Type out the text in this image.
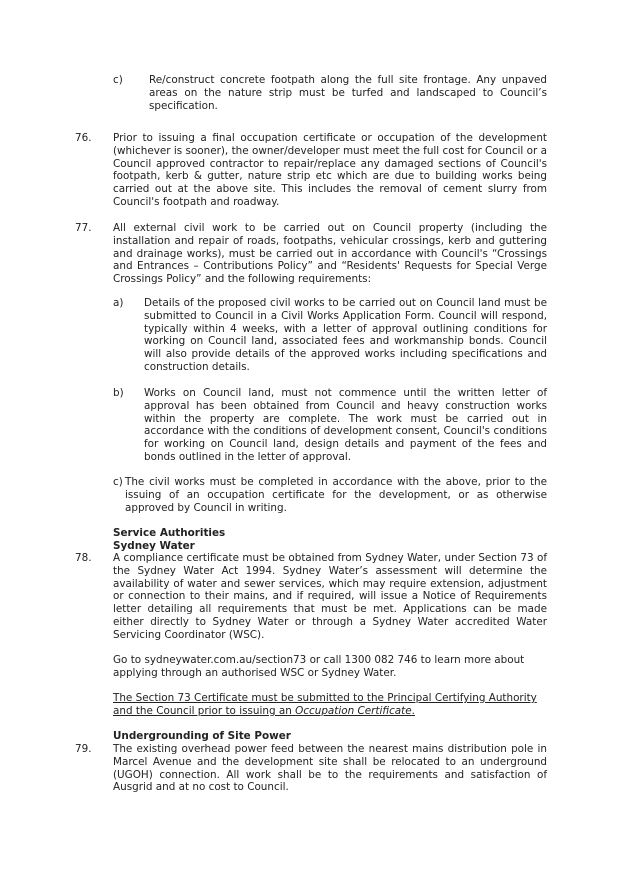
c)	Re/construct concrete footpath along the full site frontage. Any unpaved areas on the nature strip must be turfed and landscaped to Council’s specification.

76. Prior to issuing a final occupation certificate or occupation of the development (whichever is sooner), the owner/developer must meet the full cost for Council or a Council approved contractor to repair/replace any damaged sections of Council's footpath, kerb & gutter, nature strip etc which are due to building works being carried out at the above site. This includes the removal of cement slurry from Council's footpath and roadway.

77. All external civil work to be carried out on Council property (including the installation and repair of roads, footpaths, vehicular crossings, kerb and guttering and drainage works), must be carried out in accordance with Council's “Crossings and Entrances – Contributions Policy” and “Residents' Requests for Special Verge Crossings Policy” and the following requirements:

a) Details of the proposed civil works to be carried out on Council land must be submitted to Council in a Civil Works Application Form. Council will respond, typically within 4 weeks, with a letter of approval outlining conditions for working on Council land, associated fees and workmanship bonds. Council will also provide details of the approved works including specifications and construction details.

b) Works on Council land, must not commence until the written letter of approval has been obtained from Council and heavy construction works within the property are complete. The work must be carried out in accordance with the conditions of development consent, Council's conditions for working on Council land, design details and payment of the fees and bonds outlined in the letter of approval.

c) The civil works must be completed in accordance with the above, prior to the issuing of an occupation certificate for the development, or as otherwise approved by Council in writing.

Service Authorities
Sydney Water
78. A compliance certificate must be obtained from Sydney Water, under Section 73 of the Sydney Water Act 1994. Sydney Water’s assessment will determine the availability of water and sewer services, which may require extension, adjustment or connection to their mains, and if required, will issue a Notice of Requirements letter detailing all requirements that must be met. Applications can be made either directly to Sydney Water or through a Sydney Water accredited Water Servicing Coordinator (WSC).

Go to sydneywater.com.au/section73 or call 1300 082 746 to learn more about applying through an authorised WSC or Sydney Water.

The Section 73 Certificate must be submitted to the Principal Certifying Authority and the Council prior to issuing an Occupation Certificate.

Undergrounding of Site Power
79. The existing overhead power feed between the nearest mains distribution pole in Marcel Avenue and the development site shall be relocated to an underground (UGOH) connection. All work shall be to the requirements and satisfaction of Ausgrid and at no cost to Council.
